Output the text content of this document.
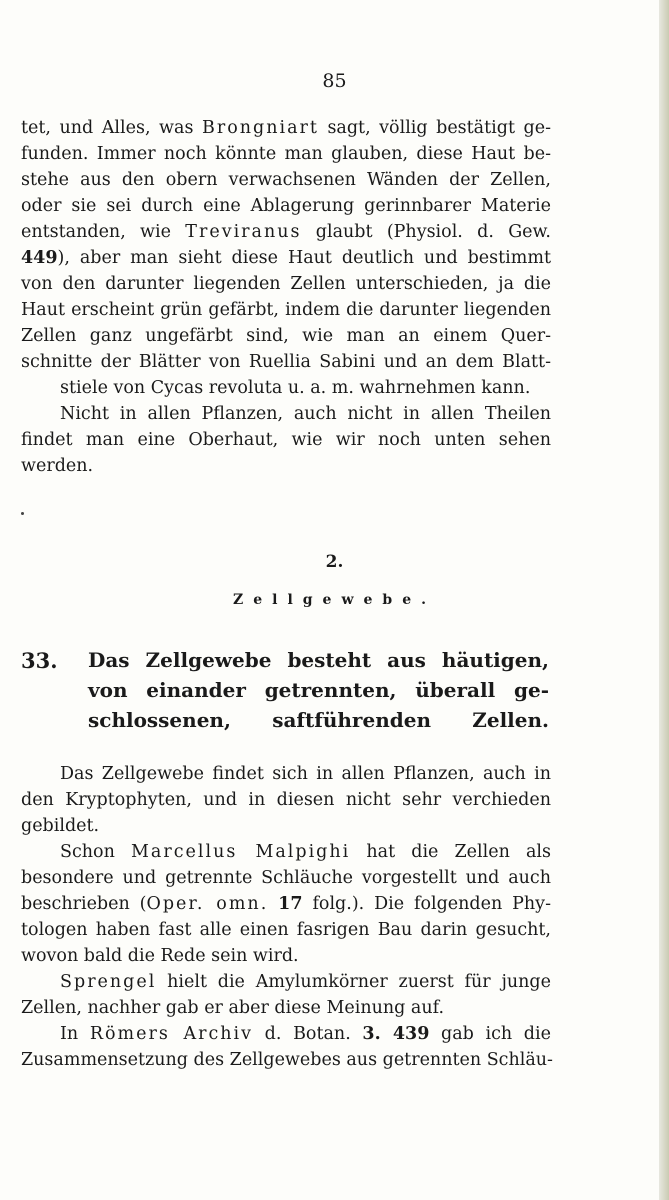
85
tet, und Alles, was Brongniart sagt, völlig bestätigt ge-
funden. Immer noch könnte man glauben, diese Haut be-
stehe aus den obern verwachsenen Wänden der Zellen,
oder sie sei durch eine Ablagerung gerinnbarer Materie
entstanden, wie Treviranus glaubt (Physiol. d. Gew.
449), aber man sieht diese Haut deutlich und bestimmt
von den darunter liegenden Zellen unterschieden, ja die
Haut erscheint grün gefärbt, indem die darunter liegenden
Zellen ganz ungefärbt sind, wie man an einem Quer-
schnitte der Blätter von Ruellia Sabini und an dem Blatt-
stiele von Cycas revoluta u. a. m. wahrnehmen kann.
Nicht in allen Pflanzen, auch nicht in allen Theilen
findet man eine Oberhaut, wie wir noch unten sehen
werden.
2.
Zellgewebe.
33. Das Zellgewebe besteht aus häutigen,
von einander getrennten, überall ge-
schlossenen, saftführenden Zellen.
Das Zellgewebe findet sich in allen Pflanzen, auch in
den Kryptophyten, und in diesen nicht sehr verchieden
gebildet.
Schon Marcellus Malpighi hat die Zellen als
besondere und getrennte Schläuche vorgestellt und auch
beschrieben (Oper. omn. 17 folg.). Die folgenden Phy-
tologen haben fast alle einen fasrigen Bau darin gesucht,
wovon bald die Rede sein wird.
Sprengel hielt die Amylumkörner zuerst für junge
Zellen, nachher gab er aber diese Meinung auf.
In Römers Archiv d. Botan. 3. 439 gab ich die
Zusammensetzung des Zellgewebes aus getrennten Schläu-
